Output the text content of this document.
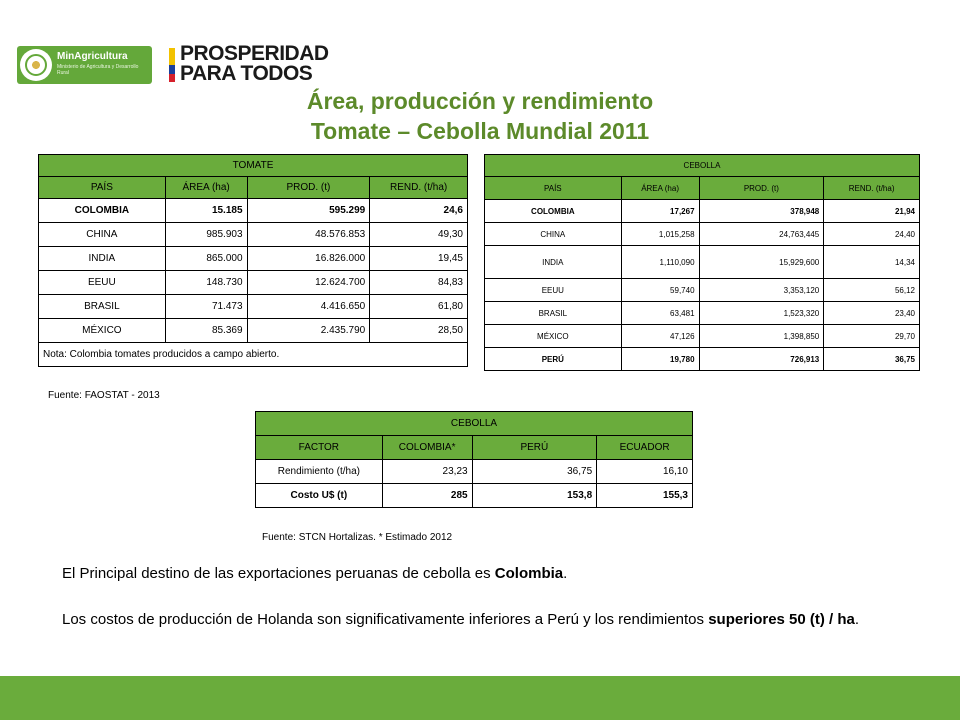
MinAgricultura
Ministerio de Agricultura y Desarrollo Rural
PROSPERIDAD
PARA TODOS
Área, producción y rendimiento
Tomate – Cebolla Mundial 2011
TOMATE			
PAÍS	ÁREA (ha)	PROD. (t)	REND. (t/ha)
COLOMBIA	15.185	595.299	24,6
CHINA	985.903	48.576.853	49,30
INDIA	865.000	16.826.000	19,45
EEUU	148.730	12.624.700	84,83
BRASIL	71.473	4.416.650	61,80
MÉXICO	85.369	2.435.790	28,50
Nota: Colombia tomates producidos a campo abierto.			
CEBOLLA			
PAÍS	ÁREA (ha)	PROD. (t)	REND. (t/ha)
COLOMBIA	17,267	378,948	21,94
CHINA	1,015,258	24,763,445	24,40
INDIA	1,110,090	15,929,600	14,34
EEUU	59,740	3,353,120	56,12
BRASIL	63,481	1,523,320	23,40
MÉXICO	47,126	1,398,850	29,70
PERÚ	19,780	726,913	36,75
Fuente: FAOSTAT - 2013
CEBOLLA			
FACTOR	COLOMBIA*	PERÚ	ECUADOR
Rendimiento (t/ha)	23,23	36,75	16,10
Costo U$ (t)	285	153,8	155,3
Fuente: STCN Hortalizas. * Estimado 2012
El Principal destino de las exportaciones peruanas de cebolla es Colombia.
Los costos de producción de Holanda son significativamente inferiores a Perú y los rendimientos superiores 50 (t) / ha.
